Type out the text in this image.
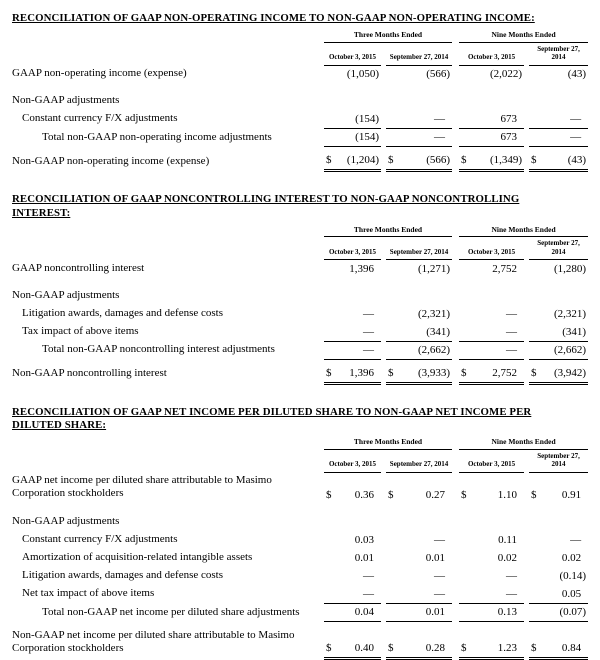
RECONCILIATION OF GAAP NON-OPERATING INCOME TO NON-GAAP NON-OPERATING INCOME:
	Three Months Ended						Nine Months Ended				
	October 3, 2015			September 27, 2014			October 3, 2015			September 27, 2014	
GAAP non-operating income (expense)		(1,050)			(566)			(2,022)			(43)

Non-GAAP adjustments											
Constant currency F/X adjustments		(154)			—			673			—
Total non-GAAP non-operating income adjustments		(154)			—			673			—

Non-GAAP non-operating income (expense)	$	(1,204)		$	(566)		$	(1,349)		$	(43)
RECONCILIATION OF GAAP NONCONTROLLING INTEREST TO NON-GAAP NONCONTROLLING
INTEREST:
	Three Months Ended						Nine Months Ended				
	October 3, 2015			September 27, 2014			October 3, 2015			September 27, 2014	
GAAP noncontrolling interest		1,396			(1,271)			2,752			(1,280)

Non-GAAP adjustments											
Litigation awards, damages and defense costs		—			(2,321)			—			(2,321)
Tax impact of above items		—			(341)			—			(341)
Total non-GAAP noncontrolling interest adjustments		—			(2,662)			—			(2,662)

Non-GAAP noncontrolling interest	$	1,396		$	(3,933)		$	2,752		$	(3,942)
RECONCILIATION OF GAAP NET INCOME PER DILUTED SHARE TO NON-GAAP NET INCOME PER
DILUTED SHARE:
	Three Months Ended						Nine Months Ended				
	October 3, 2015			September 27, 2014			October 3, 2015			September 27, 2014	
GAAP net income per diluted share attributable to Masimo Corporation stockholders	$	0.36		$	0.27		$	1.10		$	0.91

Non-GAAP adjustments											
Constant currency F/X adjustments		0.03			—			0.11			—
Amortization of acquisition-related intangible assets		0.01			0.01			0.02			0.02
Litigation awards, damages and defense costs		—			—			—			(0.14)
Net tax impact of above items		—			—			—			0.05
Total non-GAAP net income per diluted share adjustments		0.04			0.01			0.13			(0.07)

Non-GAAP net income per diluted share attributable to Masimo Corporation stockholders	$	0.40		$	0.28		$	1.23		$	0.84
